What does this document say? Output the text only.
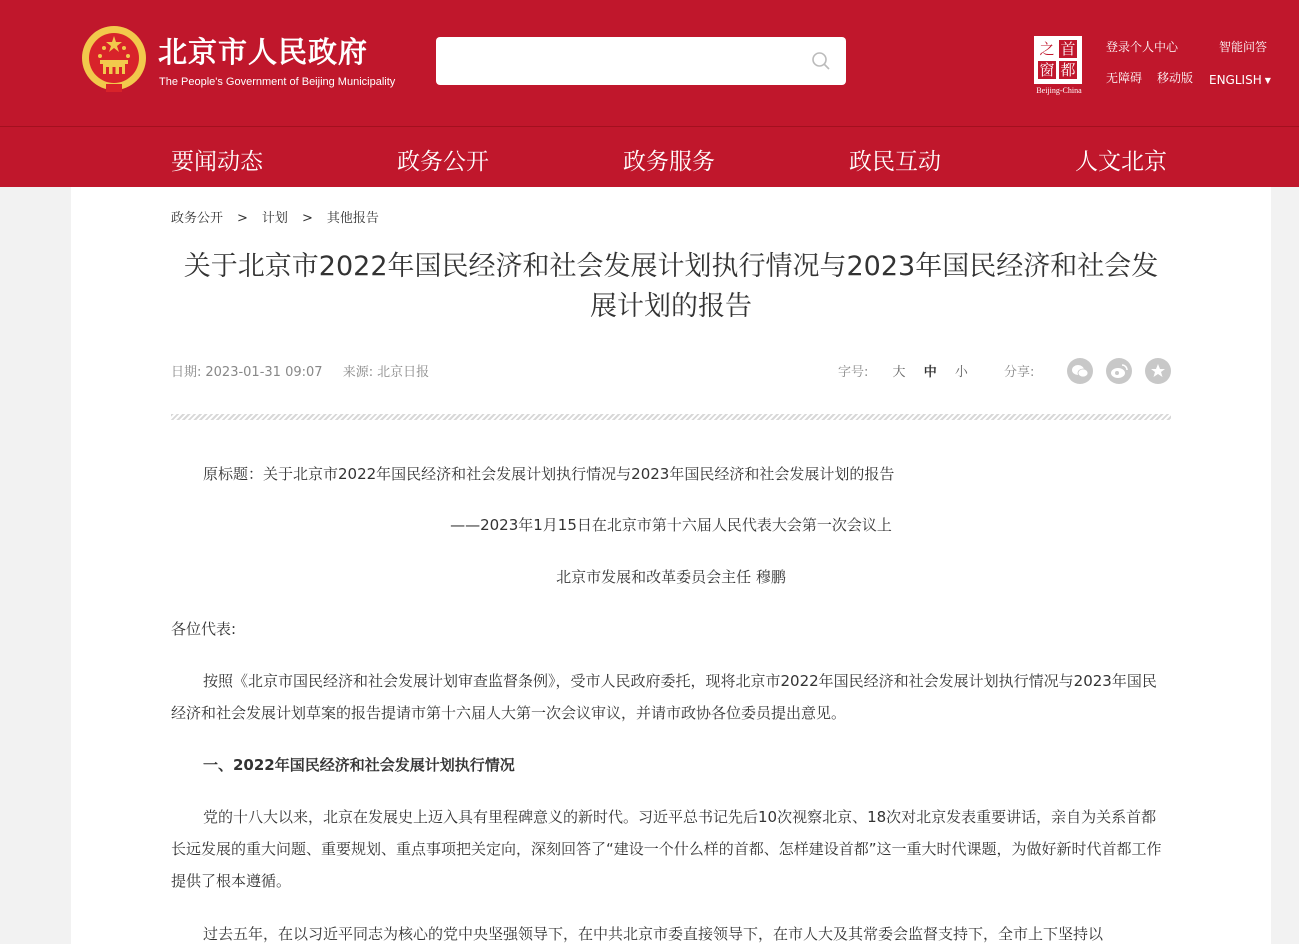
北京市人民政府
The People's Government of Beijing Municipality
之 首
窗 都
Beijing-China
登录个人中心	智能问答
无障碍 移动版 ENGLISH ▼
要闻动态	政务公开	政务服务	政民互动	人文北京
政务公开 > 计划 > 其他报告
关于北京市2022年国民经济和社会发展计划执行情况与2023年国民经济和社会发
展计划的报告
日期: 2023-01-31 09:07 来源: 北京日报	字号: 大 中 小	分享:
原标题：关于北京市2022年国民经济和社会发展计划执行情况与2023年国民经济和社会发展计划的报告
——2023年1月15日在北京市第十六届人民代表大会第一次会议上
北京市发展和改革委员会主任 穆鹏
各位代表:
按照《北京市国民经济和社会发展计划审查监督条例》，受市人民政府委托，现将北京市2022年国民经济和社会发展计划执行情况与2023年国民经济和社会发展计划草案的报告提请市第十六届人大第一次会议审议，并请市政协各位委员提出意见。
一、2022年国民经济和社会发展计划执行情况
党的十八大以来，北京在发展史上迈入具有里程碑意义的新时代。习近平总书记先后10次视察北京、18次对北京发表重要讲话，亲自为关系首都长远发展的重大问题、重要规划、重点事项把关定向，深刻回答了“建设一个什么样的首都、怎样建设首都”这一重大时代课题，为做好新时代首都工作提供了根本遵循。
过去五年，在以习近平同志为核心的党中央坚强领导下，在中共北京市委直接领导下，在市人大及其常委会监督支持下，全市上下坚持以
